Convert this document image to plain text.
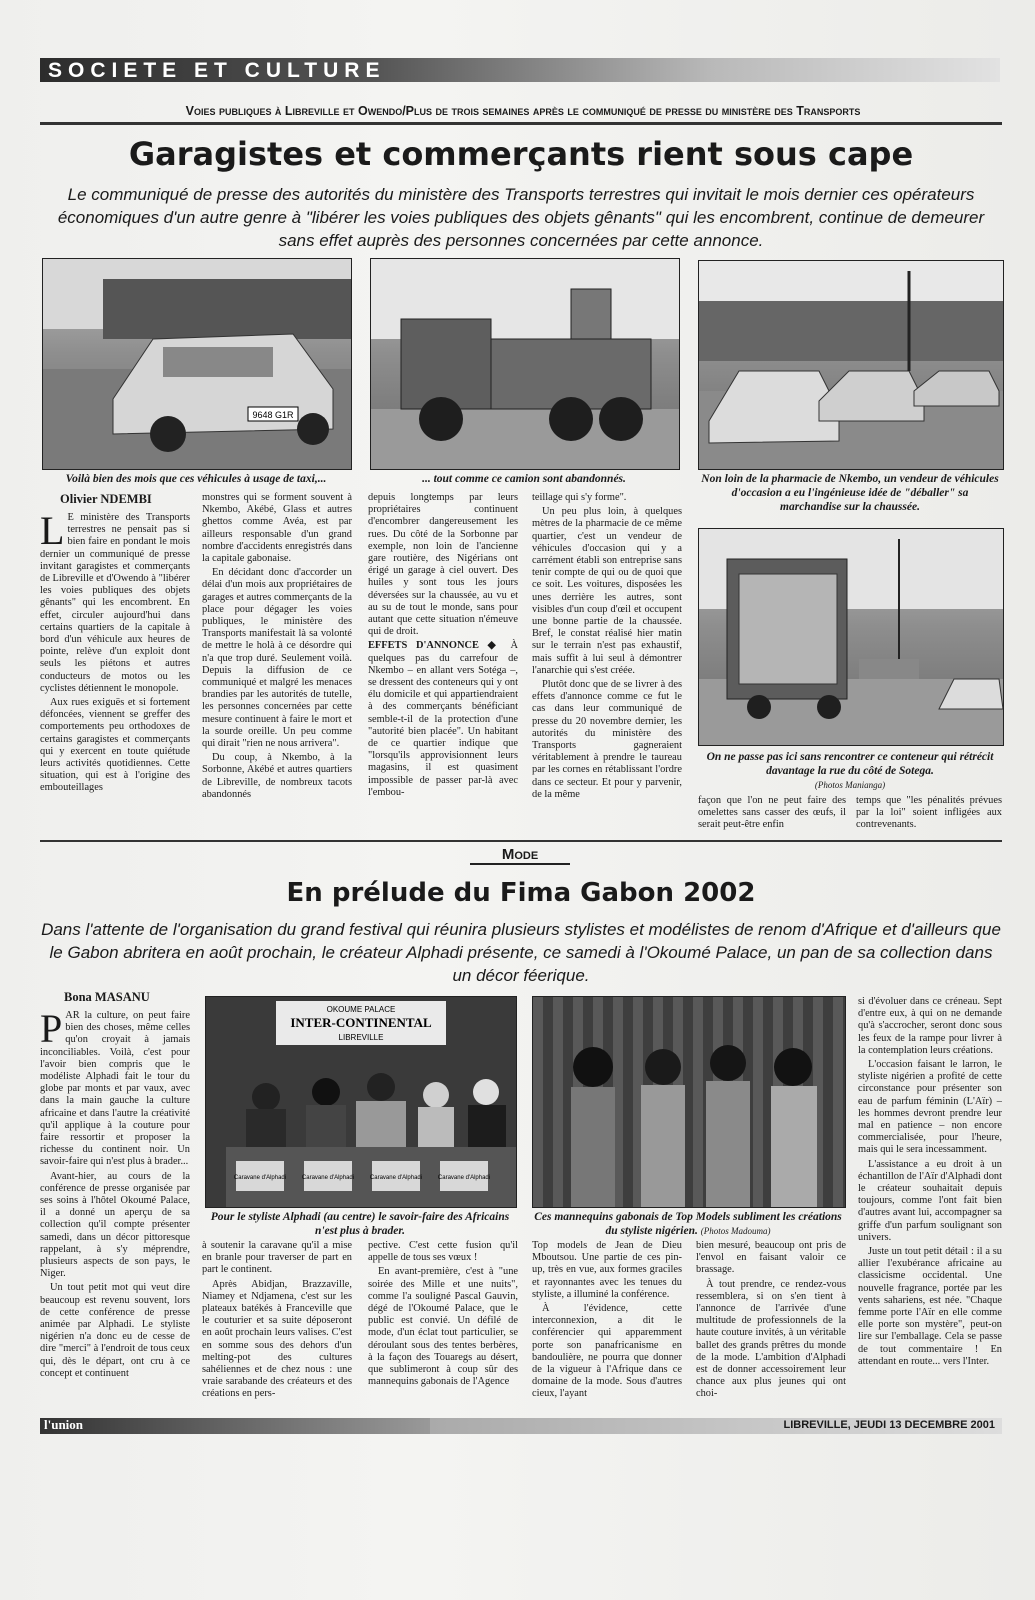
SOCIETE ET CULTURE
Voies publiques à Libreville et Owendo/Plus de trois semaines après le communiqué de presse du ministère des Transports
Garagistes et commerçants rient sous cape
Le communiqué de presse des autorités du ministère des Transports terrestres qui invitait le mois dernier ces opérateurs économiques d'un autre genre à "libérer les voies publiques des objets gênants" qui les encombrent, continue de demeurer sans effet auprès des personnes concernées par cette annonce.
9648 G1R
Voilà bien des mois que ces véhicules à usage de taxi,...	... tout comme ce camion sont abandonnés.	Non loin de la pharmacie de Nkembo, un vendeur de véhicules d'occasion a eu l'ingénieuse idée de "déballer" sa marchandise sur la chaussée.
On ne passe pas ici sans rencontrer ce conteneur qui rétrécit davantage la rue du côté de Sotega.
(Photos Manianga)
Olivier NDEMBI
L E ministère des Transports terrestres ne pensait pas si bien faire en pondant le mois dernier un communiqué de presse invitant garagistes et commerçants de Libreville et d'Owendo à "libérer les voies publiques des objets gênants" qui les encombrent. En effet, circuler aujourd'hui dans certains quartiers de la capitale à bord d'un véhicule aux heures de pointe, relève d'un exploit dont seuls les piétons et autres conducteurs de motos ou les cyclistes détiennent le monopole.

Aux rues exiguës et si fortement défoncées, viennent se greffer des comportements peu orthodoxes de certains garagistes et commerçants qui y exercent en toute quiétude leurs activités quotidiennes. Cette situation, qui est à l'origine des embouteillages

monstres qui se forment souvent à Nkembo, Akébé, Glass et autres ghettos comme Avéa, est par ailleurs responsable d'un grand nombre d'accidents enregistrés dans la capitale gabonaise.

En décidant donc d'accorder un délai d'un mois aux propriétaires de garages et autres commerçants de la place pour dégager les voies publiques, le ministère des Transports manifestait là sa volonté de mettre le holà à ce désordre qui n'a que trop duré. Seulement voilà. Depuis la diffusion de ce communiqué et malgré les menaces brandies par les autorités de tutelle, les personnes concernées par cette mesure continuent à faire le mort et la sourde oreille. Un peu comme qui dirait "rien ne nous arrivera".

Du coup, à Nkembo, à la Sorbonne, Akébé et autres quartiers de Libreville, de nombreux tacots abandonnés

depuis longtemps par leurs propriétaires continuent d'encombrer dangereusement les rues. Du côté de la Sorbonne par exemple, non loin de l'ancienne gare routière, des Nigérians ont érigé un garage à ciel ouvert. Des huiles y sont tous les jours déversées sur la chaussée, au vu et au su de tout le monde, sans pour autant que cette situation n'émeuve qui de droit.

EFFETS D'ANNONCE ◆ À quelques pas du carrefour de Nkembo – en allant vers Sotéga –, se dressent des conteneurs qui y ont élu domicile et qui appartiendraient à des commerçants bénéficiant semble-t-il de la protection d'une "autorité bien placée". Un habitant de ce quartier indique que "lorsqu'ils approvisionnent leurs magasins, il est quasiment impossible de passer par-là avec l'embou-

teillage qui s'y forme".

Un peu plus loin, à quelques mètres de la pharmacie de ce même quartier, c'est un vendeur de véhicules d'occasion qui y a carrément établi son entreprise sans tenir compte de qui ou de quoi que ce soit. Les voitures, disposées les unes derrière les autres, sont visibles d'un coup d'œil et occupent une bonne partie de la chaussée. Bref, le constat réalisé hier matin sur le terrain n'est pas exhaustif, mais suffit à lui seul à démontrer l'anarchie qui s'est créée.

Plutôt donc que de se livrer à des effets d'annonce comme ce fut le cas dans leur communiqué de presse du 20 novembre dernier, les autorités du ministère des Transports gagneraient véritablement à prendre le taureau par les cornes en rétablissant l'ordre dans ce secteur. Et pour y parvenir, de la même

façon que l'on ne peut faire des omelettes sans casser des œufs, il serait peut-être enfin

temps que "les pénalités prévues par la loi" soient infligées aux contrevenants.

Mode
En prélude du Fima Gabon 2002
Dans l'attente de l'organisation du grand festival qui réunira plusieurs stylistes et modélistes de renom d'Afrique et d'ailleurs que le Gabon abritera en août prochain, le créateur Alphadi présente, ce samedi à l'Okoumé Palace, un pan de sa collection dans un décor féerique.
Bona MASANU
OKOUME PALACE
INTER-CONTINENTAL
LIBREVILLE
Caravane d'Alphadi	Caravane d'Alphadi	Caravane d'Alphadi	Caravane d'Alphadi
Pour le styliste Alphadi (au centre) le savoir-faire des Africains n'est plus à brader.
Ces mannequins gabonais de Top Models subliment les créations du styliste nigérien. (Photos Madouma)
P AR la culture, on peut faire bien des choses, même celles qu'on croyait à jamais inconciliables. Voilà, c'est pour l'avoir bien compris que le modéliste Alphadi fait le tour du globe par monts et par vaux, avec dans la main gauche la culture africaine et dans l'autre la créativité qu'il applique à la couture pour faire ressortir et proposer la richesse du continent noir. Un savoir-faire qui n'est plus à brader...

Avant-hier, au cours de la conférence de presse organisée par ses soins à l'hôtel Okoumé Palace, il a donné un aperçu de sa collection qu'il compte présenter samedi, dans un décor pittoresque rappelant, à s'y méprendre, plusieurs aspects de son pays, le Niger.

Un tout petit mot qui veut dire beaucoup est revenu souvent, lors de cette conférence de presse animée par Alphadi. Le styliste nigérien n'a donc eu de cesse de dire "merci" à l'endroit de tous ceux qui, dès le départ, ont cru à ce concept et continuent

à soutenir la caravane qu'il a mise en branle pour traverser de part en part le continent.

Après Abidjan, Brazzaville, Niamey et Ndjamena, c'est sur les plateaux batékés à Franceville que le couturier et sa suite déposeront en août prochain leurs valises. C'est en somme sous des dehors d'un melting-pot des cultures sahéliennes et de chez nous : une vraie sarabande des créateurs et des créations en pers-

pective. C'est cette fusion qu'il appelle de tous ses vœux !

En avant-première, c'est à "une soirée des Mille et une nuits", comme l'a souligné Pascal Gauvin, dégé de l'Okoumé Palace, que le public est convié. Un défilé de mode, d'un éclat tout particulier, se déroulant sous des tentes berbères, à la façon des Touaregs au désert, que sublimeront à coup sûr des mannequins gabonais de l'Agence

Top models de Jean de Dieu Mboutsou. Une partie de ces pin-up, très en vue, aux formes graciles et rayonnantes avec les tenues du styliste, a illuminé la conférence.

À l'évidence, cette interconnexion, a dit le conférencier qui apparemment porte son panafricanisme en bandoulière, ne pourra que donner de la vigueur à l'Afrique dans ce domaine de la mode. Sous d'autres cieux, l'ayant

bien mesuré, beaucoup ont pris de l'envol en faisant valoir ce brassage.

À tout prendre, ce rendez-vous ressemblera, si on s'en tient à l'annonce de l'arrivée d'une multitude de professionnels de la haute couture invités, à un véritable ballet des grands prêtres du monde de la mode. L'ambition d'Alphadi est de donner accessoirement leur chance aux plus jeunes qui ont choi-

si d'évoluer dans ce créneau. Sept d'entre eux, à qui on ne demande qu'à s'accrocher, seront donc sous les feux de la rampe pour livrer à la contemplation leurs créations.

L'occasion faisant le larron, le styliste nigérien a profité de cette circonstance pour présenter son eau de parfum féminin (L'Aïr) – les hommes devront prendre leur mal en patience – non encore commercialisée, pour l'heure, mais qui le sera incessamment.

L'assistance a eu droit à un échantillon de l'Aïr d'Alphadi dont le créateur souhaitait depuis toujours, comme l'ont fait bien d'autres avant lui, accompagner sa griffe d'un parfum soulignant son univers.

Juste un tout petit détail : il a su allier l'exubérance africaine au classicisme occidental. Une nouvelle fragrance, portée par les vents sahariens, est née. "Chaque femme porte l'Aïr en elle comme elle porte son mystère", peut-on lire sur l'emballage. Cela se passe de tout commentaire ! En attendant en route... vers l'Inter.

l'union	LIBREVILLE, JEUDI 13 DECEMBRE 2001
